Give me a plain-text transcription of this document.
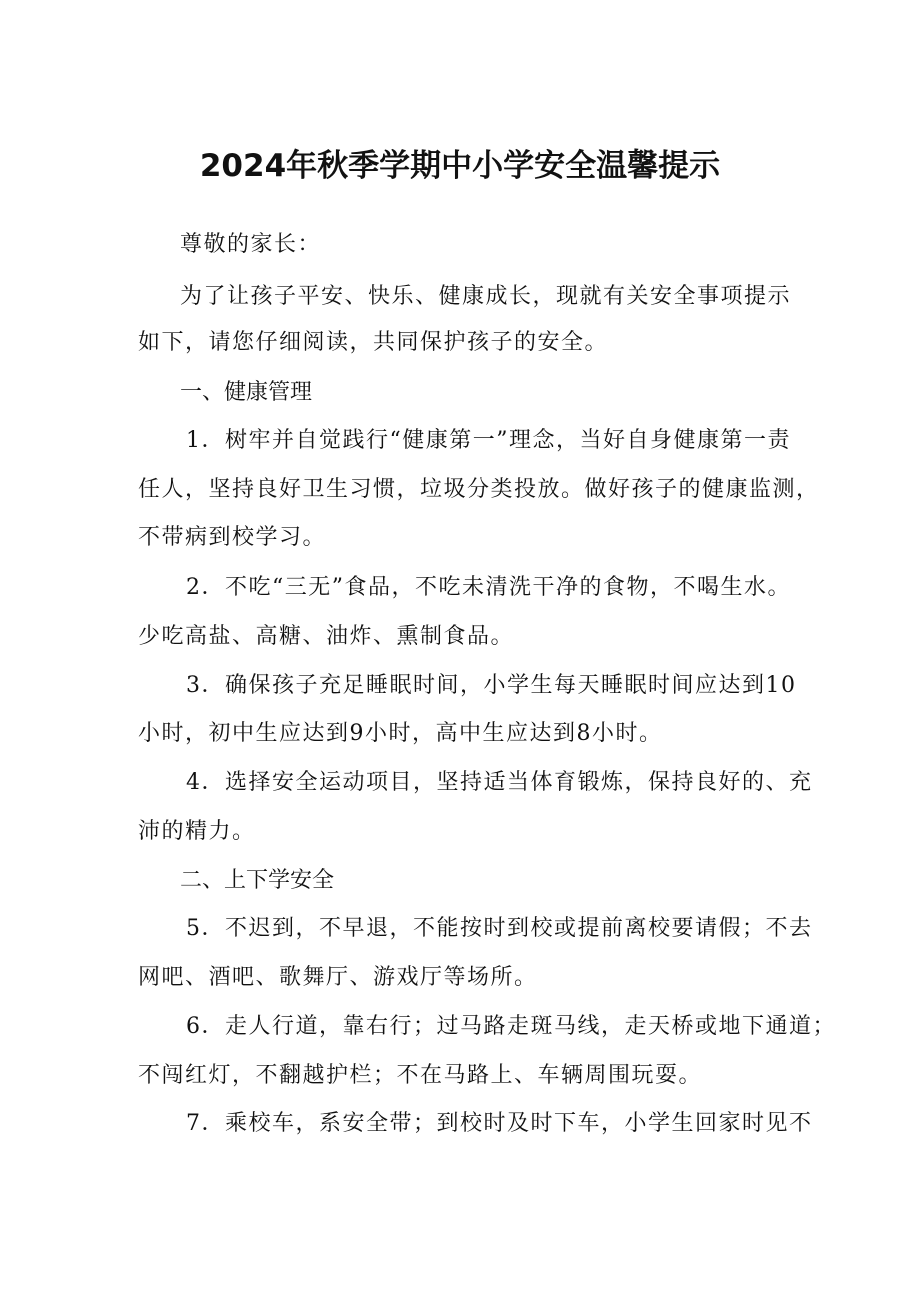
2024年秋季学期中小学安全温馨提示
尊敬的家长：
为了让孩子平安、快乐、健康成长，现就有关安全事项提示
如下，请您仔细阅读，共同保护孩子的安全。
一、健康管理
1．树牢并自觉践行“健康第一”理念，当好自身健康第一责
任人，坚持良好卫生习惯，垃圾分类投放。做好孩子的健康监测，
不带病到校学习。
2．不吃“三无”食品，不吃未清洗干净的食物，不喝生水。
少吃高盐、高糖、油炸、熏制食品。
3．确保孩子充足睡眠时间，小学生每天睡眠时间应达到10
小时，初中生应达到9小时，高中生应达到8小时。
4．选择安全运动项目，坚持适当体育锻炼，保持良好的、充
沛的精力。
二、上下学安全
5．不迟到，不早退，不能按时到校或提前离校要请假；不去
网吧、酒吧、歌舞厅、游戏厅等场所。
6．走人行道，靠右行；过马路走斑马线，走天桥或地下通道；
不闯红灯，不翻越护栏；不在马路上、车辆周围玩耍。
7．乘校车，系安全带；到校时及时下车，小学生回家时见不
